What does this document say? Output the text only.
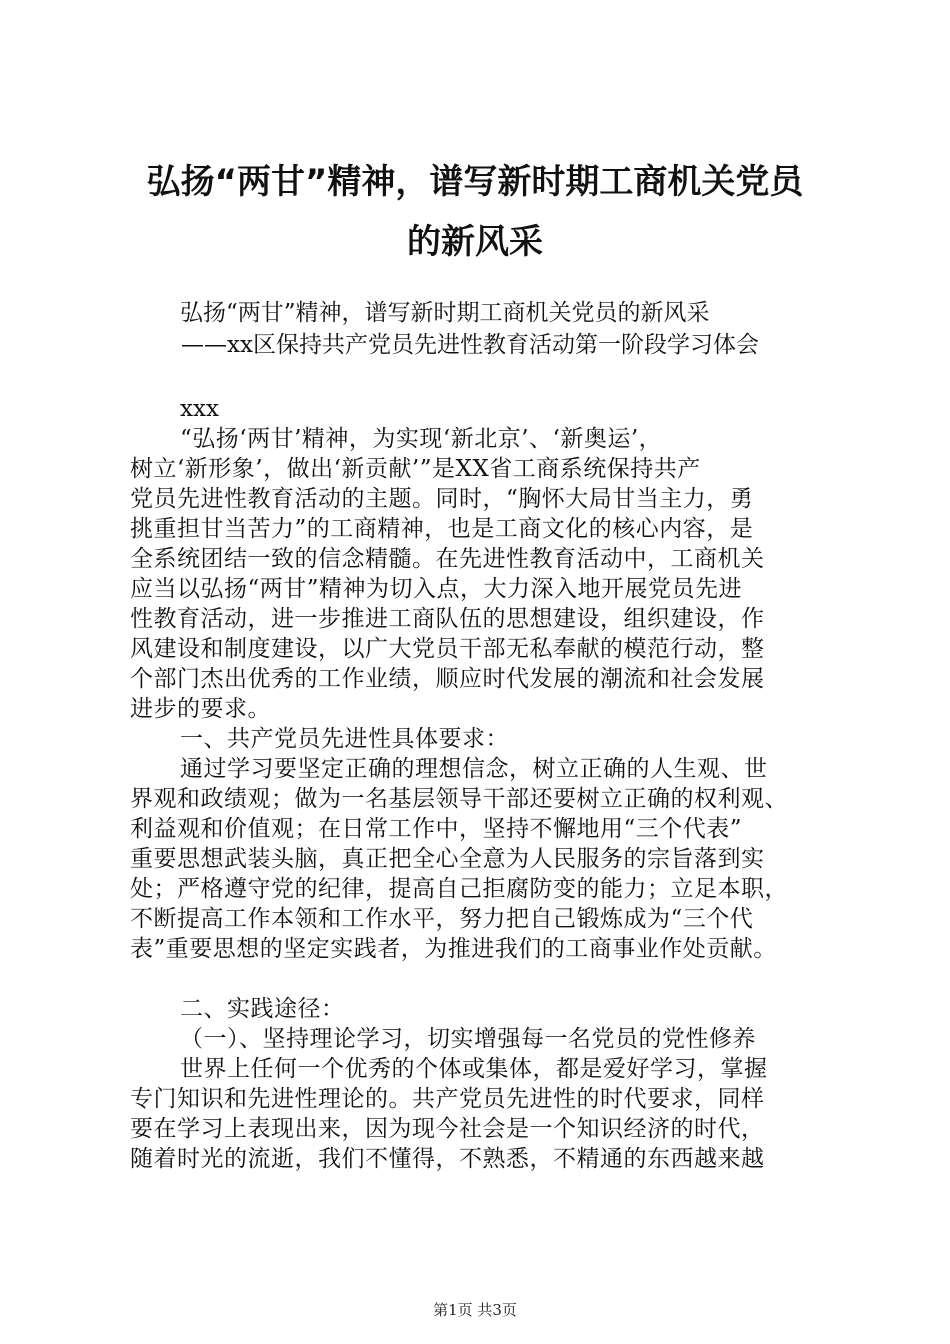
弘扬“两甘”精神，谱写新时期工商机关党员
的新风采
弘扬“两甘”精神，谱写新时期工商机关党员的新风采
——xx区保持共产党员先进性教育活动第一阶段学习体会
xxx
“弘扬‘两甘’精神，为实现‘新北京’、‘新奥运’，
树立‘新形象’，做出‘新贡献’”是XX省工商系统保持共产
党员先进性教育活动的主题。同时，“胸怀大局甘当主力，勇
挑重担甘当苦力”的工商精神，也是工商文化的核心内容，是
全系统团结一致的信念精髓。在先进性教育活动中，工商机关
应当以弘扬“两甘”精神为切入点，大力深入地开展党员先进
性教育活动，进一步推进工商队伍的思想建设，组织建设，作
风建设和制度建设，以广大党员干部无私奉献的模范行动，整
个部门杰出优秀的工作业绩，顺应时代发展的潮流和社会发展
进步的要求。
一、共产党员先进性具体要求：
通过学习要坚定正确的理想信念，树立正确的人生观、世
界观和政绩观；做为一名基层领导干部还要树立正确的权利观、
利益观和价值观；在日常工作中，坚持不懈地用“三个代表”
重要思想武装头脑，真正把全心全意为人民服务的宗旨落到实
处；严格遵守党的纪律，提高自己拒腐防变的能力；立足本职，
不断提高工作本领和工作水平，努力把自己锻炼成为“三个代
表”重要思想的坚定实践者，为推进我们的工商事业作处贡献。
二、实践途径：
（一）、坚持理论学习，切实增强每一名党员的党性修养
世界上任何一个优秀的个体或集体，都是爱好学习，掌握
专门知识和先进性理论的。共产党员先进性的时代要求，同样
要在学习上表现出来，因为现今社会是一个知识经济的时代，
随着时光的流逝，我们不懂得，不熟悉，不精通的东西越来越
第1页 共3页
